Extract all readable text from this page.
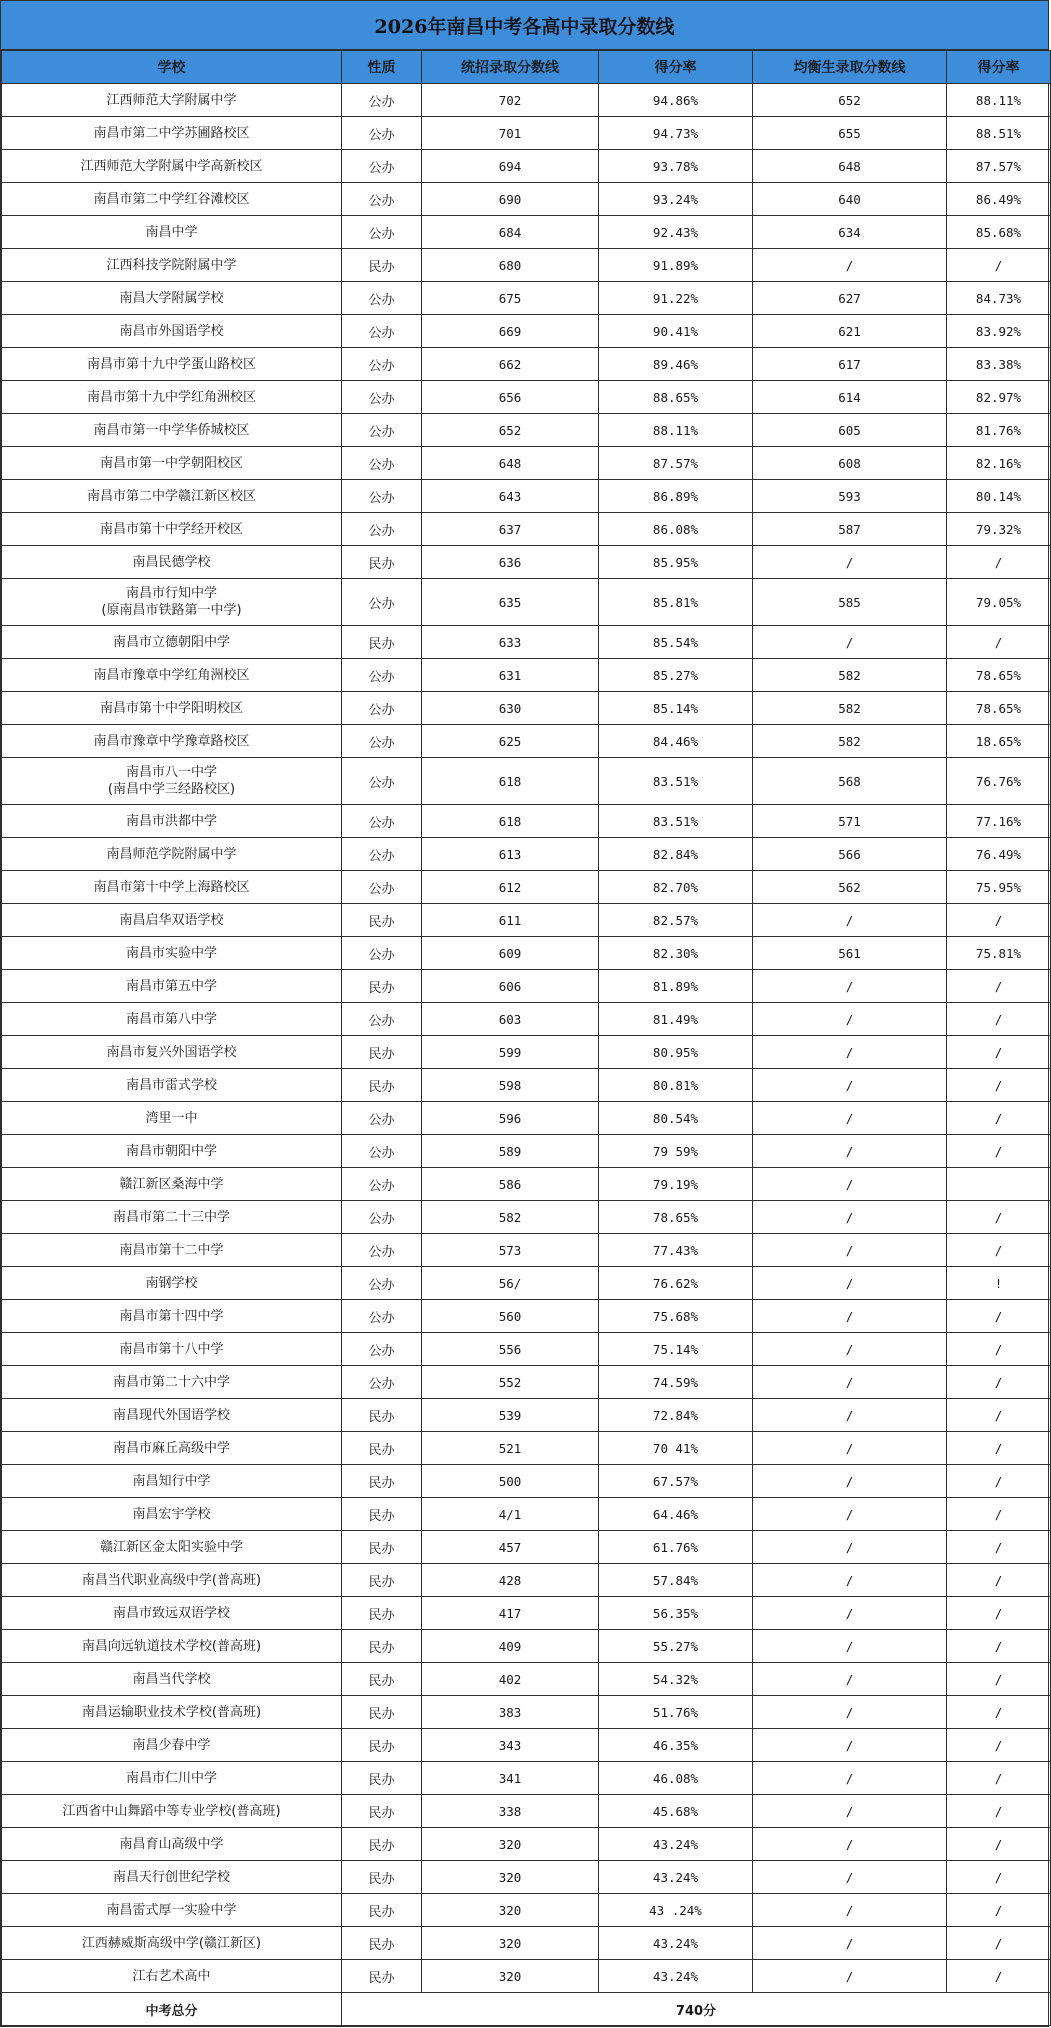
2026年南昌中考各高中录取分数线
学校	性质	统招录取分数线	得分率	均衡生录取分数线	得分率

江西师范大学附属中学	公办	702	94.86%	652	88.11%

南昌市第二中学苏圃路校区	公办	701	94.73%	655	88.51%

江西师范大学附属中学高新校区	公办	694	93.78%	648	87.57%

南昌市第二中学红谷滩校区	公办	690	93.24%	640	86.49%

南昌中学	公办	684	92.43%	634	85.68%

江西科技学院附属中学	民办	680	91.89%	/	/

南昌大学附属学校	公办	675	91.22%	627	84.73%

南昌市外国语学校	公办	669	90.41%	621	83.92%

南昌市第十九中学蛋山路校区	公办	662	89.46%	617	83.38%

南昌市第十九中学红角洲校区	公办	656	88.65%	614	82.97%

南昌市第一中学华侨城校区	公办	652	88.11%	605	81.76%

南昌市第一中学朝阳校区	公办	648	87.57%	608	82.16%

南昌市第二中学赣江新区校区	公办	643	86.89%	593	80.14%

南昌市第十中学经开校区	公办	637	86.08%	587	79.32%

南昌民德学校	民办	636	85.95%	/	/

南昌市行知中学
(原南昌市铁路第一中学)	公办	635	85.81%	585	79.05%

南昌市立德朝阳中学	民办	633	85.54%	/	/

南昌市豫章中学红角洲校区	公办	631	85.27%	582	78.65%

南昌市第十中学阳明校区	公办	630	85.14%	582	78.65%

南昌市豫章中学豫章路校区	公办	625	84.46%	582	18.65%

南昌市八一中学
(南昌中学三经路校区)	公办	618	83.51%	568	76.76%

南昌市洪都中学	公办	618	83.51%	571	77.16%

南昌师范学院附属中学	公办	613	82.84%	566	76.49%

南昌市第十中学上海路校区	公办	612	82.70%	562	75.95%

南昌启华双语学校	民办	611	82.57%	/	/

南昌市实验中学	公办	609	82.30%	561	75.81%

南昌市第五中学	民办	606	81.89%	/	/

南昌市第八中学	公办	603	81.49%	/	/

南昌市复兴外国语学校	民办	599	80.95%	/	/

南昌市雷式学校	民办	598	80.81%	/	/

湾里一中	公办	596	80.54%	/	/

南昌市朝阳中学	公办	589	79 59%	/	/

赣江新区桑海中学	公办	586	79.19%	/	

南昌市第二十三中学	公办	582	78.65%	/	/

南昌市第十二中学	公办	573	77.43%	/	/

南钢学校	公办	56/	76.62%	/	!

南昌市第十四中学	公办	560	75.68%	/	/

南昌市第十八中学	公办	556	75.14%	/	/

南昌市第二十六中学	公办	552	74.59%	/	/

南昌现代外国语学校	民办	539	72.84%	/	/

南昌市麻丘高级中学	民办	521	70 41%	/	/

南昌知行中学	民办	500	67.57%	/	/

南昌宏宇学校	民办	4/1	64.46%	/	/

赣江新区金太阳实验中学	民办	457	61.76%	/	/

南昌当代职业高级中学(普高班)	民办	428	57.84%	/	/

南昌市致远双语学校	民办	417	56.35%	/	/

南昌向远轨道技术学校(普高班)	民办	409	55.27%	/	/

南昌当代学校	民办	402	54.32%	/	/

南昌运输职业技术学校(普高班)	民办	383	51.76%	/	/

南昌少春中学	民办	343	46.35%	/	/

南昌市仁川中学	民办	341	46.08%	/	/

江西省中山舞蹈中等专业学校(普高班)	民办	338	45.68%	/	/

南昌育山高级中学	民办	320	43.24%	/	/

南昌天行创世纪学校	民办	320	43.24%	/	/

南昌雷式厚一实验中学	民办	320	43 .24%	/	/

江西赫威斯高级中学(赣江新区)	民办	320	43.24%	/	/

江右艺术高中	民办	320	43.24%	/	/
中考总分	740分				
